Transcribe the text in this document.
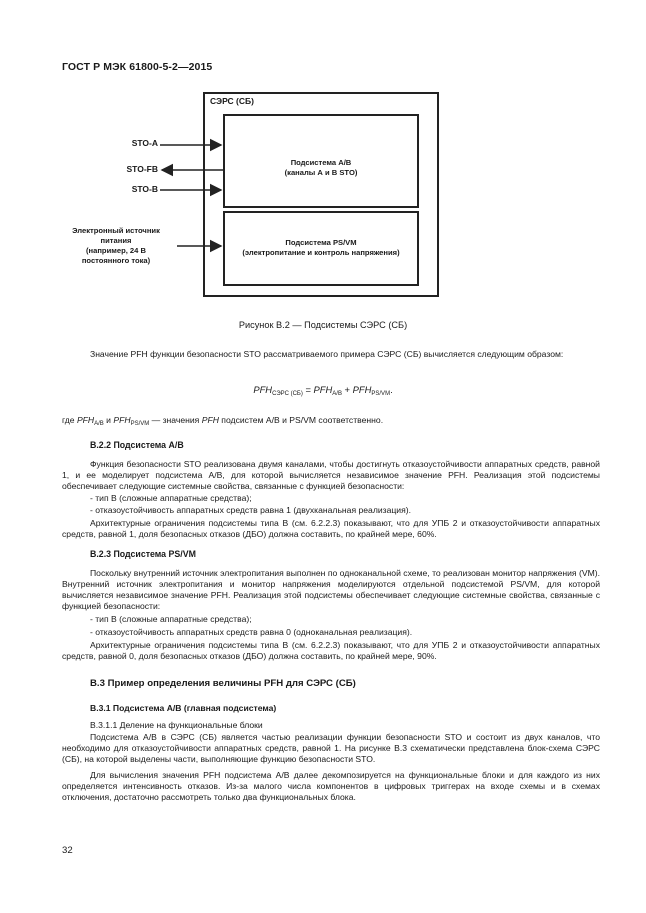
ГОСТ Р МЭК 61800-5-2—2015
СЭРС (СБ)
Подсистема А/В
(каналы А и В STO)
Подсистема PS/VM
(электропитание и контроль напряжения)
STO-A
STO-FB
STO-B
Электронный источник
питания
(например, 24 В
постоянного тока)
Рисунок В.2 — Подсистемы СЭРС (СБ)
Значение PFH функции безопасности STO рассматриваемого примера СЭРС (СБ) вычисляется следующим образом:
$PFH_{СЭРС (СБ)} = PFH_{A/B} + PFH_{PS/VM}$.
где $PFH_{A/B}$ и $PFH_{PS/VM}$ — значения PFH подсистем А/В и PS/VM соответственно.
В.2.2 Подсистема А/В
Функция безопасности STO реализована двумя каналами, чтобы достигнуть отказоустойчивости аппаратных средств, равной 1, и ее моделирует подсистема А/В, для которой вычисляется независимое значение PFH. Реализация этой подсистемы обеспечивает следующие системные свойства, связанные с функцией безопасности:
- тип В (сложные аппаратные средства);
- отказоустойчивость аппаратных средств равна 1 (двухканальная реализация).
Архитектурные ограничения подсистемы типа В (см. 6.2.2.3) показывают, что для УПБ 2 и отказоустойчивости аппаратных средств, равной 1, доля безопасных отказов (ДБО) должна составить, по крайней мере, 60%.
В.2.3 Подсистема PS/VM
Поскольку внутренний источник электропитания выполнен по одноканальной схеме, то реализован монитор напряжения (VM). Внутренний источник электропитания и монитор напряжения моделируются отдельной подсистемой PS/VM, для которой вычисляется независимое значение PFH. Реализация этой подсистемы обеспечивает следующие системные свойства, связанные с функцией безопасности:
- тип В (сложные аппаратные средства);
- отказоустойчивость аппаратных средств равна 0 (одноканальная реализация).
Архитектурные ограничения подсистемы типа В (см. 6.2.2.3) показывают, что для УПБ 2 и отказоустойчивости аппаратных средств, равной 0, доля безопасных отказов (ДБО) должна составить, по крайней мере, 90%.
В.3 Пример определения величины PFH для СЭРС (СБ)
В.3.1 Подсистема А/В (главная подсистема)
В.3.1.1 Деление на функциональные блоки
Подсистема А/В в СЭРС (СБ) является частью реализации функции безопасности STO и состоит из двух каналов, что необходимо для отказоустойчивости аппаратных средств, равной 1. На рисунке В.3 схематически представлена блок-схема СЭРС (СБ), на которой выделены части, выполняющие функцию безопасности STO.
Для вычисления значения PFH подсистема А/В далее декомпозируется на функциональные блоки и для каждого из них определяется интенсивность отказов. Из-за малого числа компонентов в цифровых триггерах на входе схемы и в схемах отключения, достаточно рассмотреть только два функциональных блока.
32
